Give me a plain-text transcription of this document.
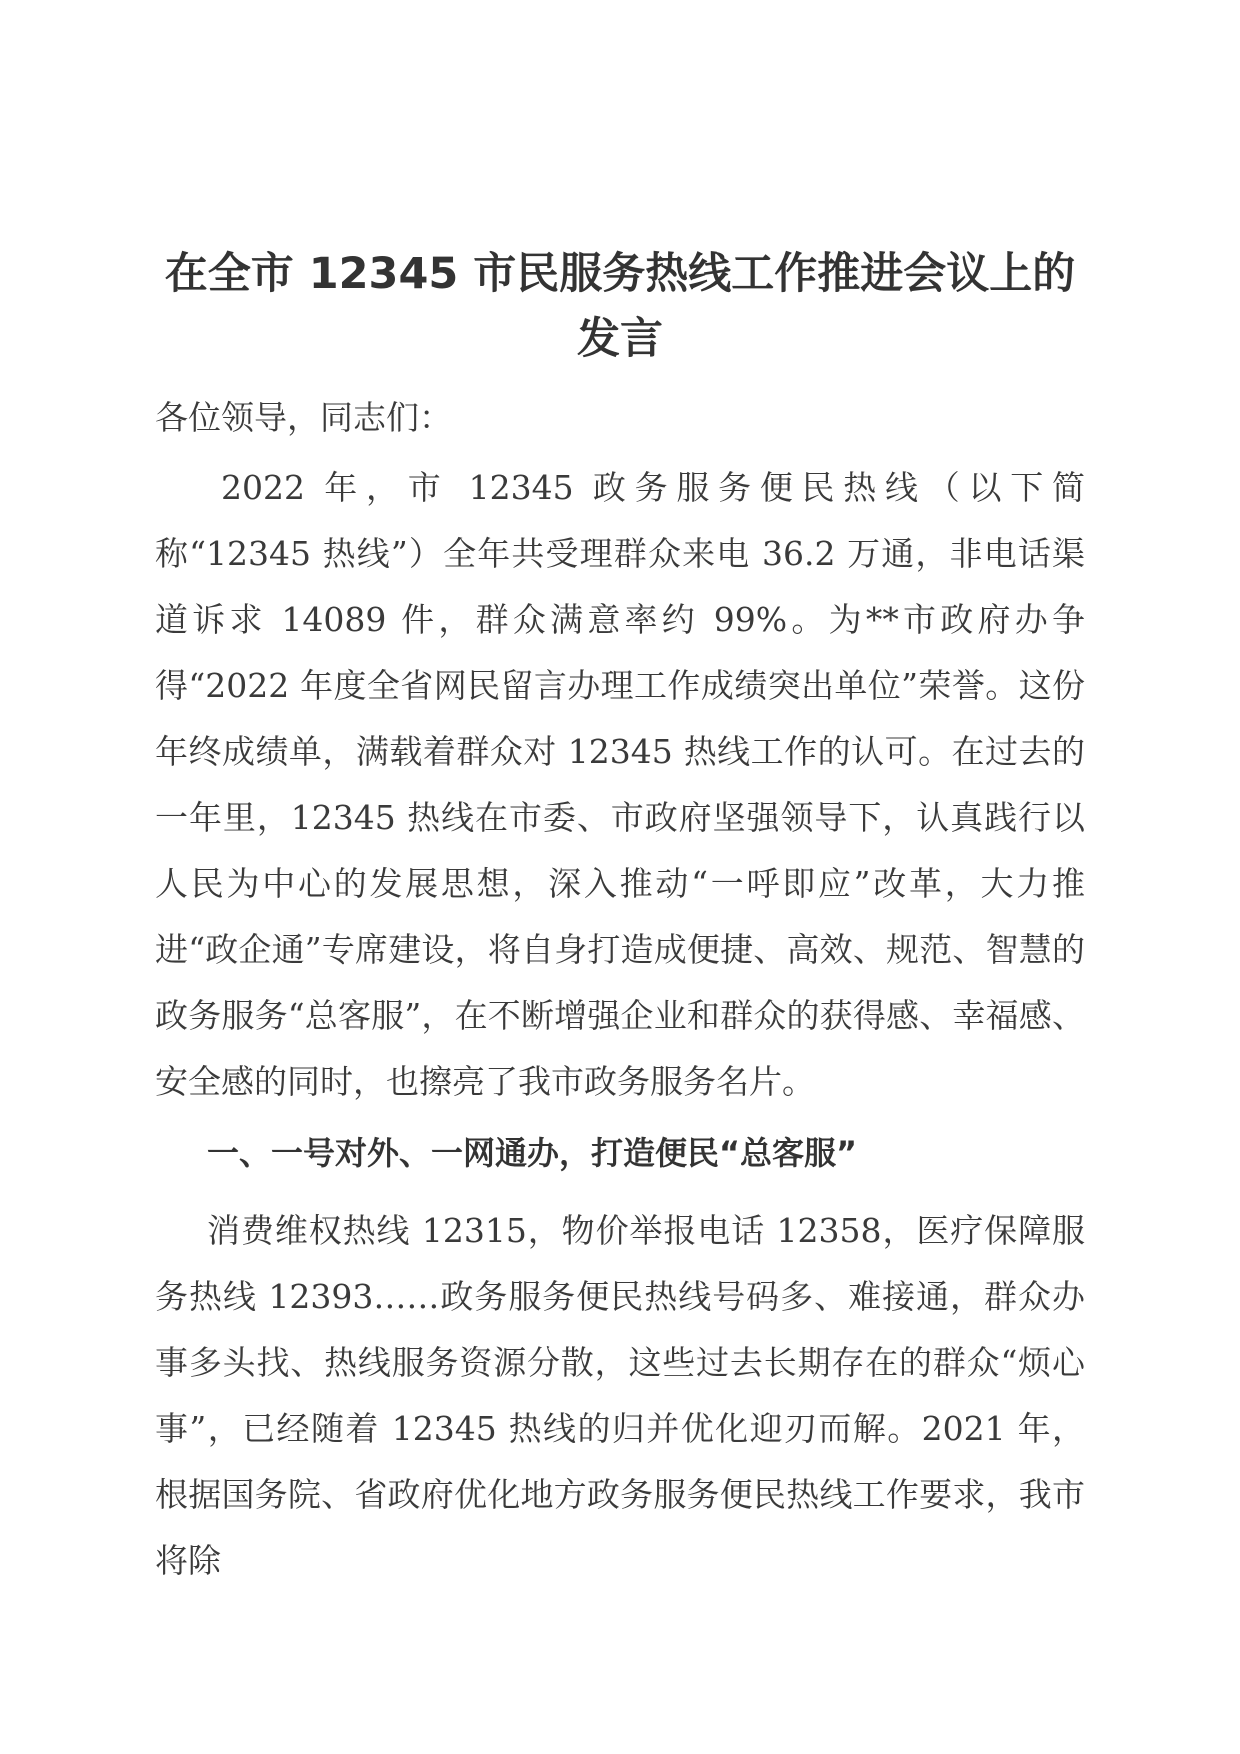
在全市 12345 市民服务热线工作推进会议上的发言

各位领导，同志们：

2022 年，市 12345 政务服务便民热线（以下简称“12345 热线”）全年共受理群众来电 36.2 万通，非电话渠道诉求 14089 件，群众满意率约 99%。为**市政府办争得“2022 年度全省网民留言办理工作成绩突出单位”荣誉。这份年终成绩单，满载着群众对 12345 热线工作的认可。在过去的一年里，12345 热线在市委、市政府坚强领导下，认真践行以人民为中心的发展思想，深入推动“一呼即应”改革，大力推进“政企通”专席建设，将自身打造成便捷、高效、规范、智慧的政务服务“总客服”，在不断增强企业和群众的获得感、幸福感、安全感的同时，也擦亮了我市政务服务名片。

一、一号对外、一网通办，打造便民“总客服”

消费维权热线 12315，物价举报电话 12358，医疗保障服务热线 12393……政务服务便民热线号码多、难接通，群众办事多头找、热线服务资源分散，这些过去长期存在的群众“烦心事”，已经随着 12345 热线的归并优化迎刃而解。2021 年，根据国务院、省政府优化地方政务服务便民热线工作要求，我市将除
